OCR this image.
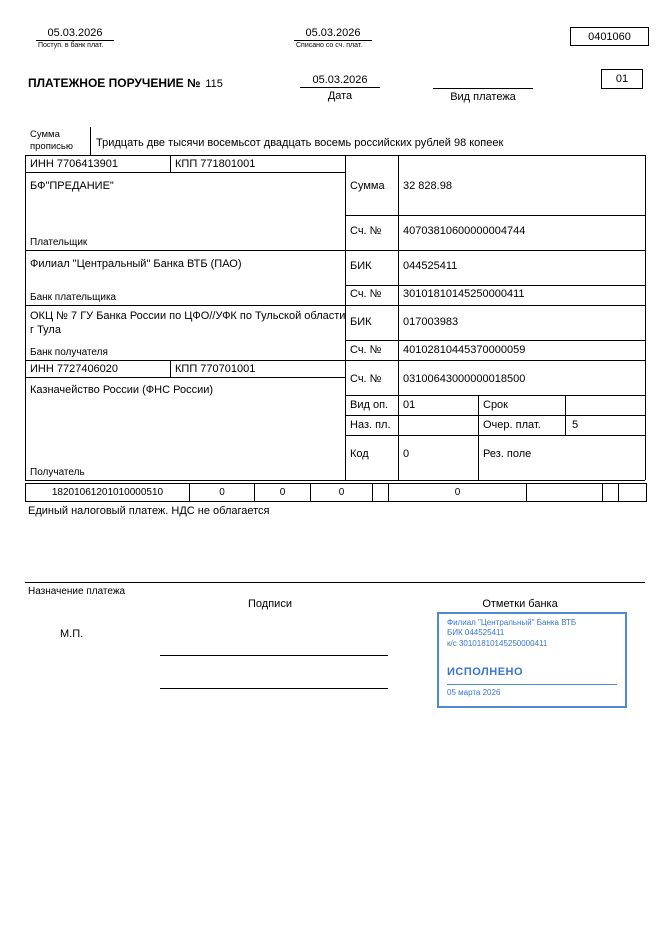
05.03.2026
Поступ. в банк плат.
05.03.2026
Списано со сч. плат.
0401060
ПЛАТЕЖНОЕ ПОРУЧЕНИЕ № 115	05.03.2026
Дата	Вид платежа
01
Сумма прописью	Тридцать две тысячи восемьсот двадцать восемь российских рублей 98 копеек
ИНН 7706413901	КПП 771801001
БФ"ПРЕДАНИЕ"
Плательщик
Сумма 32 828.98
Сч. № 40703810600000004744
Филиал "Центральный" Банка ВТБ (ПАО)
Банк плательщика
БИК	044525411
Сч. № 30101810145250000411
ОКЦ № 7 ГУ Банка России по ЦФО//УФК по Тульской области г Тула
Банк получателя
БИК	017003983
Сч. № 40102810445370000059
ИНН 7727406020	КПП 770701001
Казначейство России (ФНС России)
Получатель
Сч. № 03100643000000018500
Вид оп. 01	Срок
Наз. пл.	Очер. плат.	5
Код	0	Рез. поле
18201061201010000510	0	0	0	0
Единый налоговый платеж. НДС не облагается
Назначение платежа
Подписи	Отметки банка
М.П.
Филиал "Центральный" Банка ВТБ
БИК 044525411
к/с 30101810145250000411
ИСПОЛНЕНО
05 марта 2026
